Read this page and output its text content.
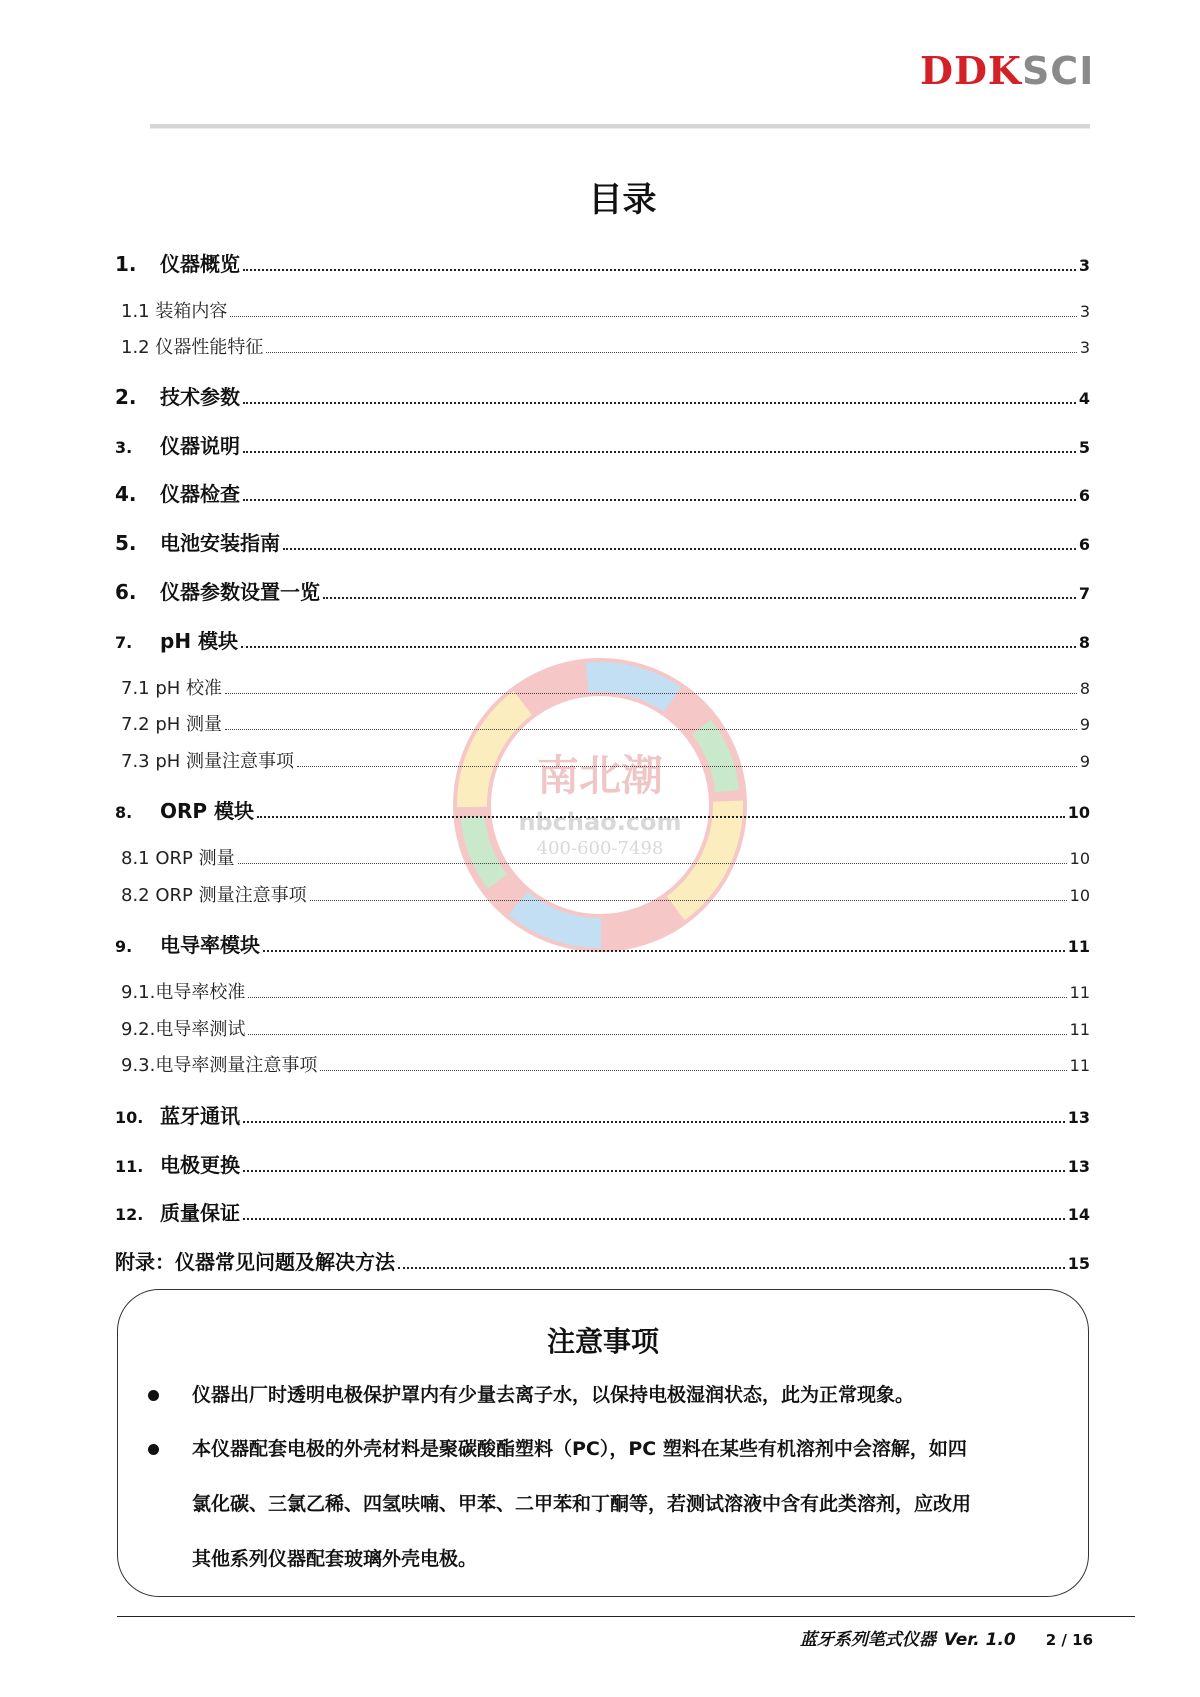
DDKSCI
目录
南北潮
nbchao.com
400-600-7498
1.	仪器概览	3
1.1 装箱内容	3
1.2 仪器性能特征	3
2.	技术参数	4
3.	仪器说明	5
4.	仪器检查	6
5.	电池安装指南	6
6.	仪器参数设置一览	7
7.	pH 模块	8
7.1 pH 校准	8
7.2 pH 测量	9
7.3 pH 测量注意事项	9
8.	ORP 模块	10
8.1 ORP 测量	10
8.2 ORP 测量注意事项	10
9.	电导率模块	11
9.1.电导率校准	11
9.2.电导率测试	11
9.3.电导率测量注意事项	11
10. 蓝牙通讯	13
11. 电极更换	13
12. 质量保证	14
附录：仪器常见问题及解决方法	15
注意事项
仪器出厂时透明电极保护罩内有少量去离子水，以保持电极湿润状态，此为正常现象。
本仪器配套电极的外壳材料是聚碳酸酯塑料（PC），PC 塑料在某些有机溶剂中会溶解，如四
氯化碳、三氯乙稀、四氢呋喃、甲苯、二甲苯和丁酮等，若测试溶液中含有此类溶剂，应改用
其他系列仪器配套玻璃外壳电极。
蓝牙系列笔式仪器 Ver. 1.0 2 / 16
